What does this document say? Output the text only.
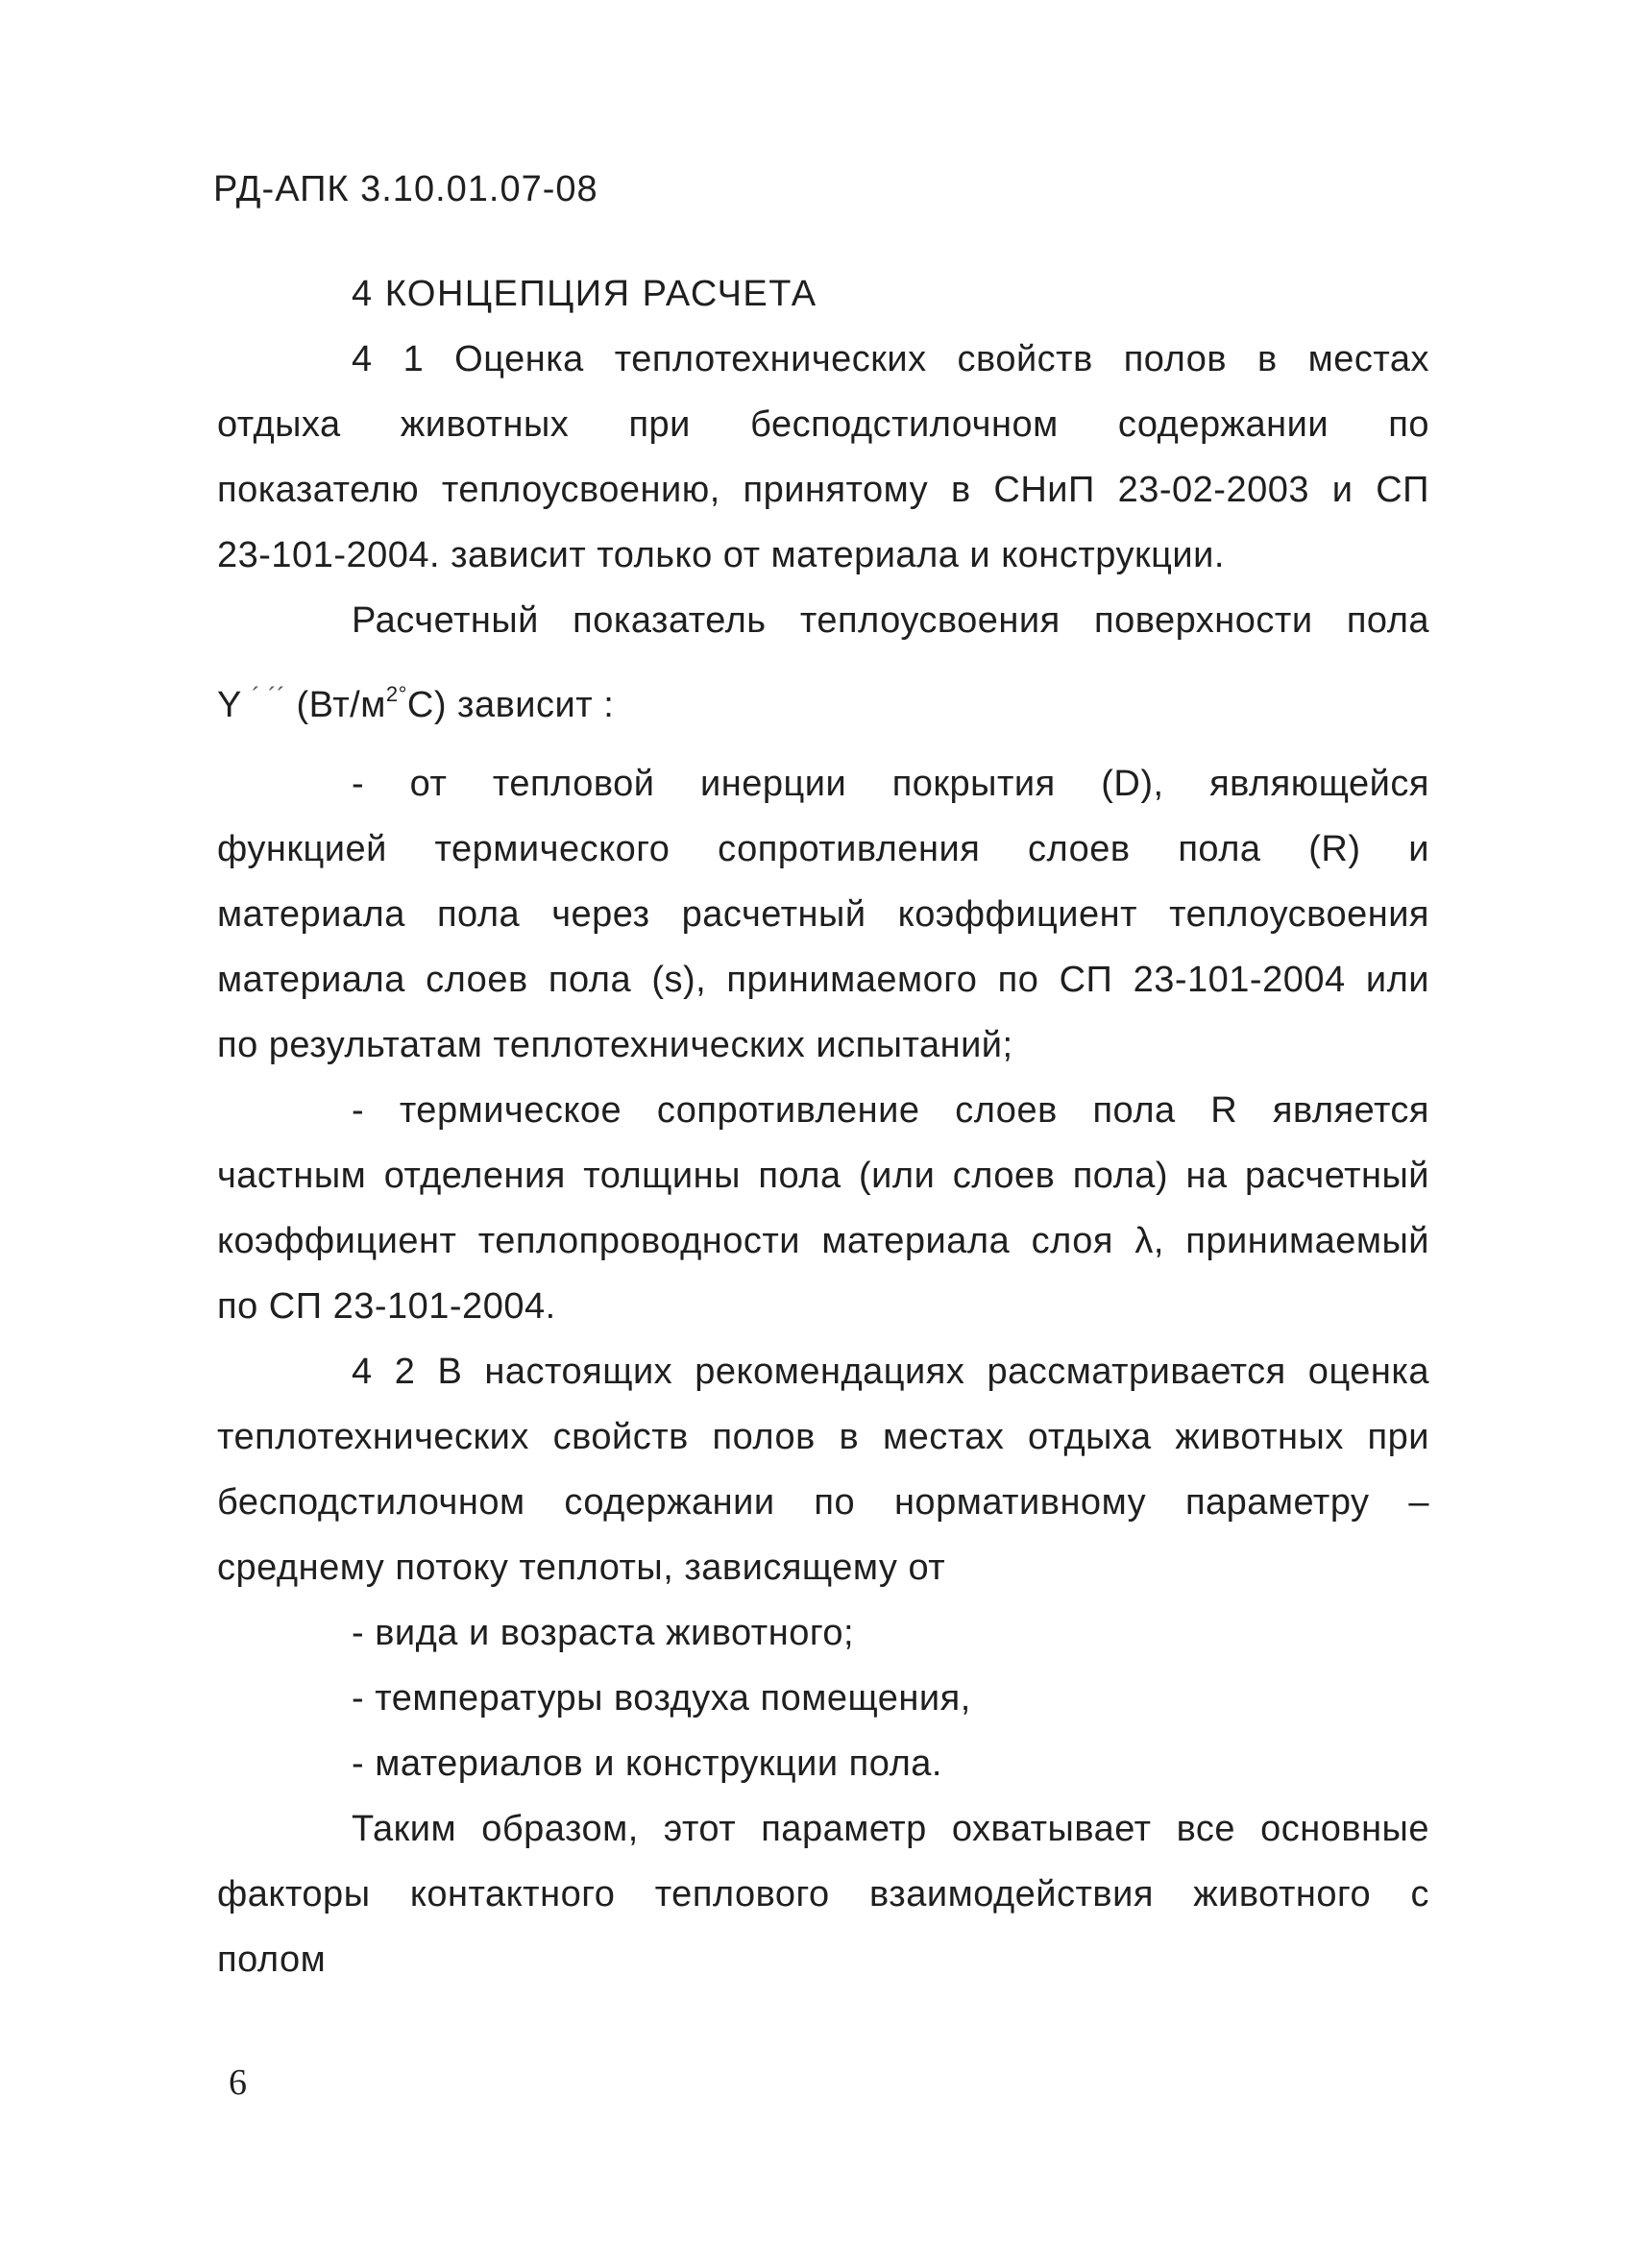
РД-АПК 3.10.01.07-08
4 КОНЦЕПЦИЯ РАСЧЕТА
4 1 Оценка теплотехнических свойств полов в местах
отдыха животных при бесподстилочном содержании по
показателю теплоусвоению, принятому в СНиП 23-02-2003 и СП
23-101-2004. зависит только от материала и конструкции.
Расчетный показатель теплоусвоения поверхности пола
Y ´ ´´ $(Вт/м^{2^\circ}С)$ зависит :
- от тепловой инерции покрытия (D), являющейся
функцией термического сопротивления слоев пола (R) и
материала пола через расчетный коэффициент теплоусвоения
материала слоев пола (s), принимаемого по СП 23-101-2004 или
по результатам теплотехнических испытаний;
- термическое сопротивление слоев пола R является
частным отделения толщины пола (или слоев пола) на расчетный
коэффициент теплопроводности материала слоя λ, принимаемый
по СП 23-101-2004.
4 2 В настоящих рекомендациях рассматривается оценка
теплотехнических свойств полов в местах отдыха животных при
бесподстилочном содержании по нормативному параметру –
среднему потоку теплоты, зависящему от
- вида и возраста животного;
- температуры воздуха помещения,
- материалов и конструкции пола.
Таким образом, этот параметр охватывает все основные
факторы контактного теплового взаимодействия животного с
полом
6
